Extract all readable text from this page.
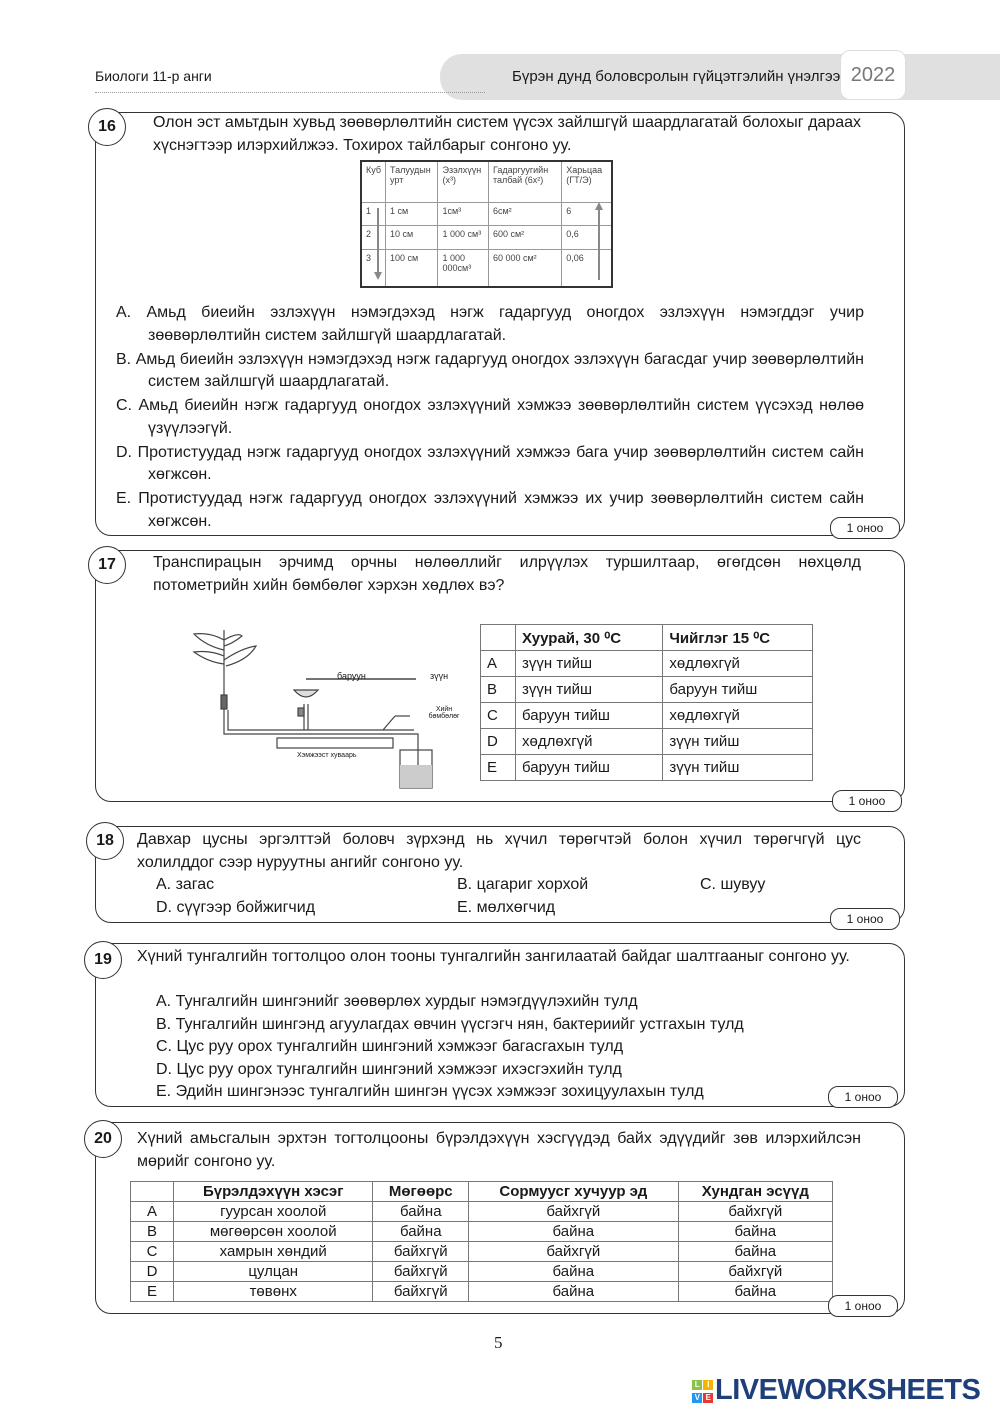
Биологи 11-р анги	Бүрэн дунд боловсролын гүйцэтгэлийн үнэлгээ 2022
16	Олон эст амьтдын хувьд зөөвөрлөлтийн систем үүсэх зайлшгүй шаардлагатай болохыг дараах хүснэгтээр илэрхийлжээ. Тохирох тайлбарыг сонгоно уу.
Куб	Талуудын урт	Эзэлхүүн (x³)	Гадаргуугийн талбай (6x²)	Харьцаа (ГТ/Э)
1	1 см	1см³	6см²	6
2	10 см	1 000 см³	600 см²	0,6
3	100 см	1 000 000см³	60 000 см²	0,06
A. Амьд биеийн эзлэхүүн нэмэгдэхэд нэгж гадаргууд оногдох эзлэхүүн нэмэгддэг учир зөөвөрлөлтийн систем зайлшгүй шаардлагатай.
B. Амьд биеийн эзлэхүүн нэмэгдэхэд нэгж гадаргууд оногдох эзлэхүүн багасдаг учир зөөвөрлөлтийн систем зайлшгүй шаардлагатай.
C. Амьд биеийн нэгж гадаргууд оногдох эзлэхүүний хэмжээ зөөвөрлөлтийн систем үүсэхэд нөлөө үзүүлээгүй.
D. Протистуудад нэгж гадаргууд оногдох эзлэхүүний хэмжээ бага учир зөөвөрлөлтийн систем сайн хөгжсөн.
E. Протистуудад нэгж гадаргууд оногдох эзлэхүүний хэмжээ их учир зөөвөрлөлтийн систем сайн хөгжсөн.	1 оноо
17	Транспирацын эрчимд орчны нөлөөллийг илрүүлэх туршилтаар, өгөгдсөн нөхцөлд потометрийн хийн бөмбөлөг хэрхэн хөдлөх вэ?
баруун	зүүн
Хийн бөмбөлөг
Хэмжээст хуваарь
	Хуурай, 30 ⁰C	Чийглэг 15 ⁰C
A	зүүн тийш	хөдлөхгүй
B	зүүн тийш	баруун тийш
C	баруун тийш	хөдлөхгүй
D	хөдлөхгүй	зүүн тийш
E	баруун тийш	зүүн тийш
1 оноо
18	Давхар цусны эргэлттэй боловч зүрхэнд нь хүчил төрөгчтэй болон хүчил төрөгчгүй цус холилддог сээр нуруутны ангийг сонгоно уу.
A. загас	B. цагариг хорхой	C. шувуу
D. сүүгээр бойжигчид	E. мөлхөгчид
1 оноо
19	Хүний тунгалгийн тогтолцоо олон тооны тунгалгийн зангилаатай байдаг шалтгааныг сонгоно уу.
A. Тунгалгийн шингэнийг зөөвөрлөх хурдыг нэмэгдүүлэхийн тулд
B. Тунгалгийн шингэнд агуулагдах өвчин үүсгэгч нян, бактериийг устгахын тулд
C. Цус руу орох тунгалгийн шингэний хэмжээг багасгахын тулд
D. Цус руу орох тунгалгийн шингэний хэмжээг ихэсгэхийн тулд
E. Эдийн шингэнээс тунгалгийн шингэн үүсэх хэмжээг зохицуулахын тулд	1 оноо
20	Хүний амьсгалын эрхтэн тогтолцооны бүрэлдэхүүн хэсгүүдэд байх эдүүдийг зөв илэрхийлсэн мөрийг сонгоно уу.
	Бүрэлдэхүүн хэсэг	Мөгөөрс	Сормуусг хучуур эд	Хундган эсүүд
A	гуурсан хоолой	байна	байхгүй	байхгүй
B	мөгөөрсөн хоолой	байна	байна	байна
C	хамрын хөндий	байхгүй	байхгүй	байна
D	цулцан	байхгүй	байна	байхгүй
E	төвөнх	байхгүй	байна	байна
1 оноо
5
L IV E LIVEWORKSHEETS
